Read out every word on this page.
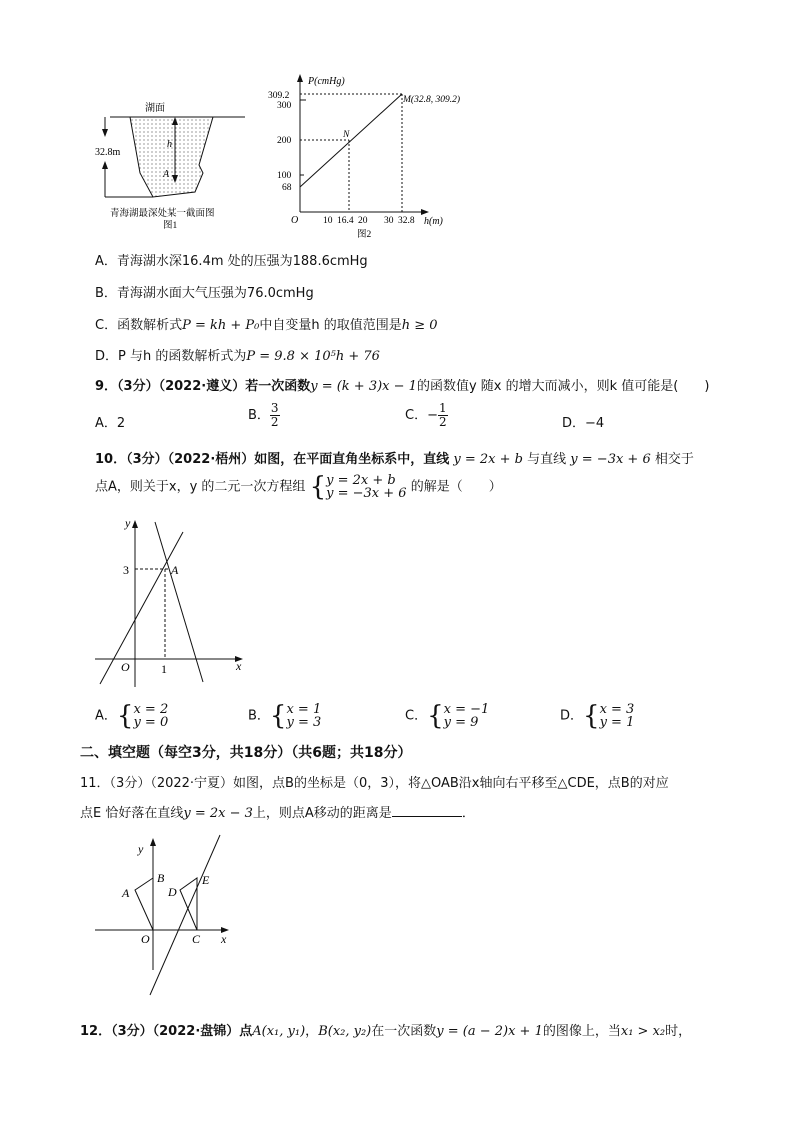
湖面
32.8m
h
A
青海湖最深处某一截面图
图1
P(cmHg)
h(m)
O
309.2
300
200
100
68
10 16.4 20 30 32.8
M(32.8, 309.2)
N
图2
A．青海湖水深16.4m 处的压强为188.6cmHg
B．青海湖水面大气压强为76.0cmHg
C．函数解析式P = kh + P₀中自变量h 的取值范围是h ≥ 0
D．P 与h 的函数解析式为P = 9.8 × 10⁵h + 76
9．（3分）（2022·遵义）若一次函数y = (k + 3)x − 1的函数值y 随x 的增大而减小，则k 值可能是(　　)
A．2
B． $\frac{3}{2}$	C．− $\frac{1}{2}$	D．−4
10．（3分）（2022·梧州）如图，在平面直角坐标系中，直线 y = 2x + b 与直线 y = −3x + 6 相交于
点A，则关于x，y 的二元一次方程组 { y = 2x + b
y = −3x + 6 的解是（　　）
y
x
O
A
3
1
A．{ x = 2
y = 0	B．{ x = 1
y = 3	C．{ x = −1
y = 9	D．{ x = 3
y = 1
二、填空题（每空3分，共18分）（共6题；共18分）
11．（3分）（2022·宁夏）如图，点B的坐标是（0，3），将△OAB沿x轴向右平移至△CDE，点B的对应
点E 恰好落在直线y = 2x − 3上，则点A移动的距离是	．
y
x
O
A
B
C
D
E
12．（3分）（2022·盘锦）点A(x₁, y₁)，B(x₂, y₂)在一次函数y = (a − 2)x + 1的图像上，当x₁ > x₂时，
